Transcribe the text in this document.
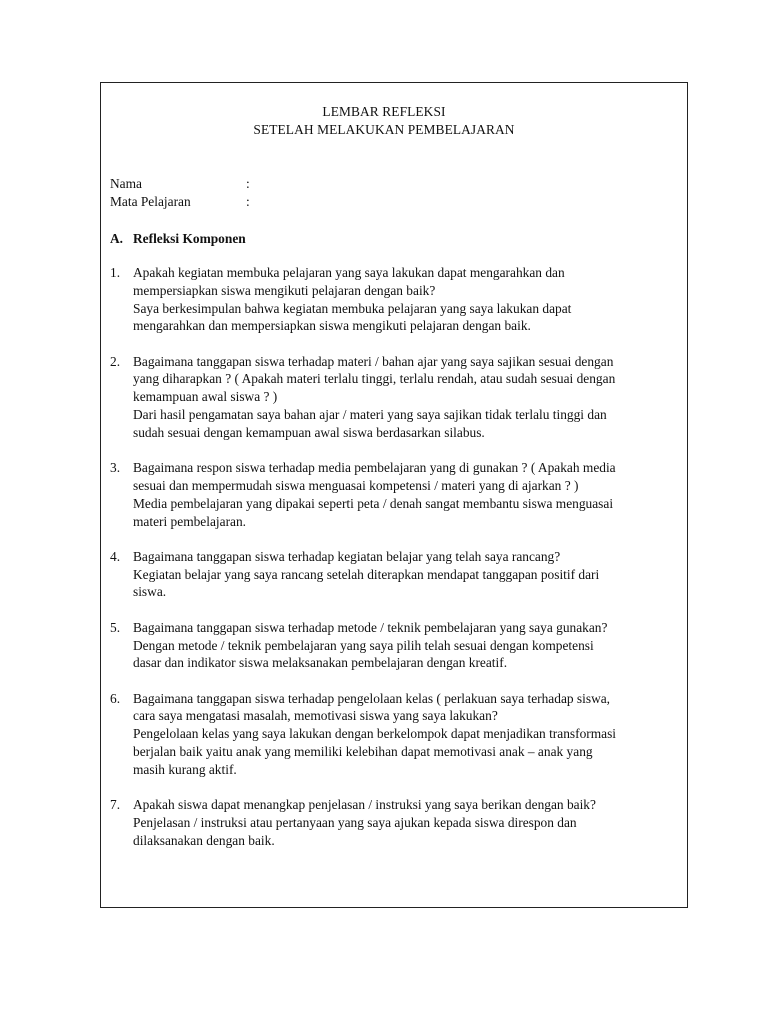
LEMBAR REFLEKSI
SETELAH MELAKUKAN PEMBELAJARAN
Nama	:
Mata Pelajaran	:
A. Refleksi Komponen
1. Apakah kegiatan membuka pelajaran yang saya lakukan dapat mengarahkan dan
mempersiapkan siswa mengikuti pelajaran dengan baik?
Saya berkesimpulan bahwa kegiatan membuka pelajaran yang saya lakukan dapat
mengarahkan dan mempersiapkan siswa mengikuti pelajaran dengan baik.
2. Bagaimana tanggapan siswa terhadap materi / bahan ajar yang saya sajikan sesuai dengan
yang diharapkan ? ( Apakah materi terlalu tinggi, terlalu rendah, atau sudah sesuai dengan
kemampuan awal siswa ? )
Dari hasil pengamatan saya bahan ajar / materi yang saya sajikan tidak terlalu tinggi dan
sudah sesuai dengan kemampuan awal siswa berdasarkan silabus.
3. Bagaimana respon siswa terhadap media pembelajaran yang di gunakan ? ( Apakah media
sesuai dan mempermudah siswa menguasai kompetensi / materi yang di ajarkan ? )
Media pembelajaran yang dipakai seperti peta / denah sangat membantu siswa menguasai
materi pembelajaran.
4. Bagaimana tanggapan siswa terhadap kegiatan belajar yang telah saya rancang?
Kegiatan belajar yang saya rancang setelah diterapkan mendapat tanggapan positif dari
siswa.
5. Bagaimana tanggapan siswa terhadap metode / teknik pembelajaran yang saya gunakan?
Dengan metode / teknik pembelajaran yang saya pilih telah sesuai dengan kompetensi
dasar dan indikator siswa melaksanakan pembelajaran dengan kreatif.
6. Bagaimana tanggapan siswa terhadap pengelolaan kelas ( perlakuan saya terhadap siswa,
cara saya mengatasi masalah, memotivasi siswa yang saya lakukan?
Pengelolaan kelas yang saya lakukan dengan berkelompok dapat menjadikan transformasi
berjalan baik yaitu anak yang memiliki kelebihan dapat memotivasi anak – anak yang
masih kurang aktif.
7. Apakah siswa dapat menangkap penjelasan / instruksi yang saya berikan dengan baik?
Penjelasan / instruksi atau pertanyaan yang saya ajukan kepada siswa direspon dan
dilaksanakan dengan baik.
